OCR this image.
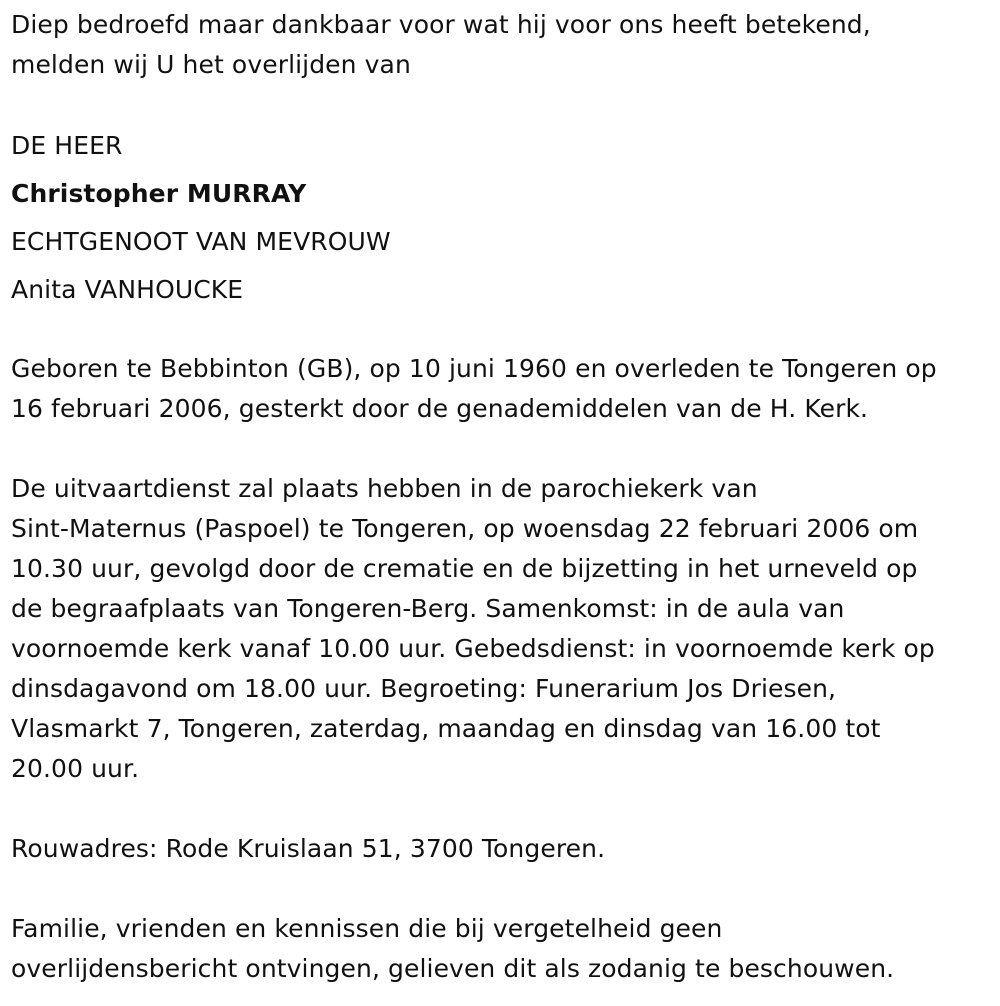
Diep bedroefd maar dankbaar voor wat hij voor ons heeft betekend,
melden wij U het overlijden van
DE HEER
Christopher MURRAY
ECHTGENOOT VAN MEVROUW
Anita VANHOUCKE
Geboren te Bebbinton (GB), op 10 juni 1960 en overleden te Tongeren op
16 februari 2006, gesterkt door de genademiddelen van de H. Kerk.
De uitvaartdienst zal plaats hebben in de parochiekerk van
Sint-Maternus (Paspoel) te Tongeren, op woensdag 22 februari 2006 om
10.30 uur, gevolgd door de crematie en de bijzetting in het urneveld op
de begraafplaats van Tongeren-Berg. Samenkomst: in de aula van
voornoemde kerk vanaf 10.00 uur. Gebedsdienst: in voornoemde kerk op
dinsdagavond om 18.00 uur. Begroeting: Funerarium Jos Driesen,
Vlasmarkt 7, Tongeren, zaterdag, maandag en dinsdag van 16.00 tot
20.00 uur.
Rouwadres: Rode Kruislaan 51, 3700 Tongeren.
Familie, vrienden en kennissen die bij vergetelheid geen
overlijdensbericht ontvingen, gelieven dit als zodanig te beschouwen.
